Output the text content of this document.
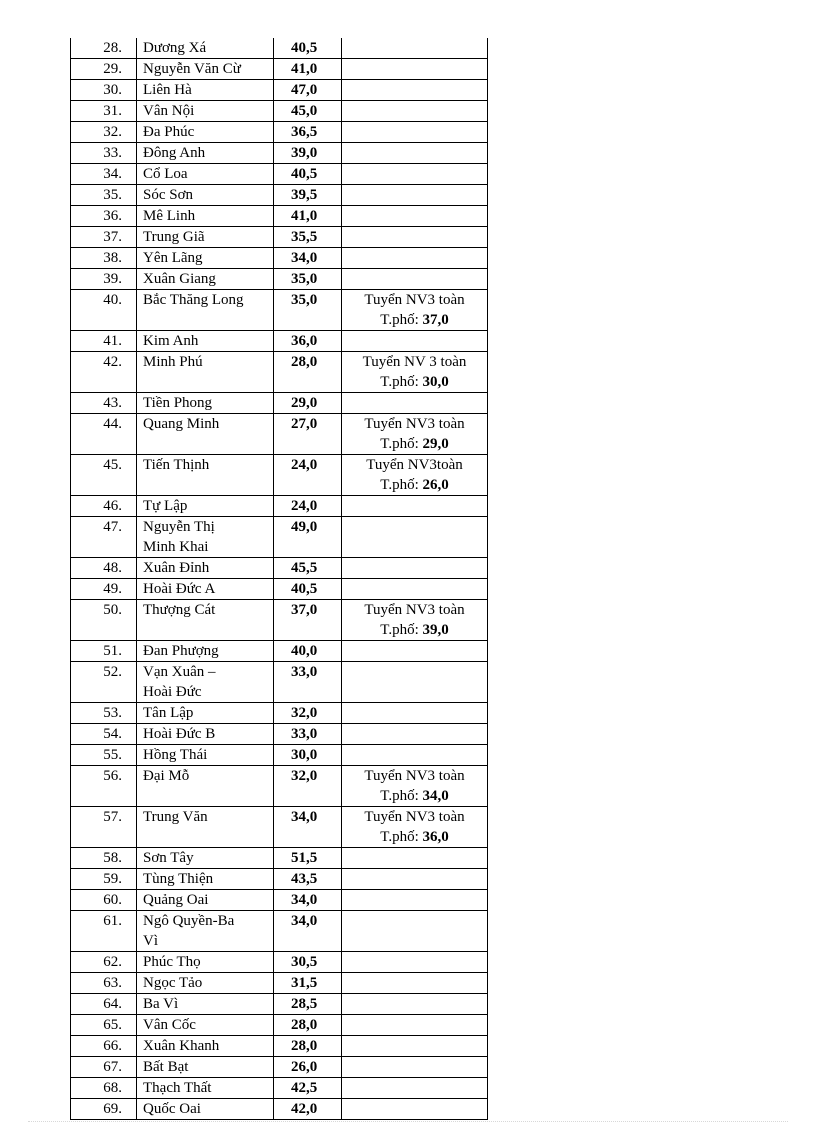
28.	Dương Xá	40,5	
29.	Nguyễn Văn Cừ	41,0	
30.	Liên Hà	47,0	
31.	Vân Nội	45,0	
32.	Đa Phúc	36,5	
33.	Đông Anh	39,0	
34.	Cổ Loa	40,5	
35.	Sóc Sơn	39,5	
36.	Mê Linh	41,0	
37.	Trung Giã	35,5	
38.	Yên Lãng	34,0	
39.	Xuân Giang	35,0	
40.	Bắc Thăng Long	35,0	Tuyển NV3 toàn
T.phố: 37,0

41.	Kim Anh	36,0	
42.	Minh Phú	28,0	Tuyển NV 3 toàn
T.phố: 30,0

43.	Tiền Phong	29,0	
44.	Quang Minh	27,0	Tuyển NV3 toàn
T.phố: 29,0

45.	Tiến Thịnh	24,0	Tuyển NV3toàn
T.phố: 26,0

46.	Tự Lập	24,0	
47.	Nguyễn Thị
Minh Khai	49,0	
48.	Xuân Đỉnh	45,5	
49.	Hoài Đức A	40,5	
50.	Thượng Cát	37,0	Tuyển NV3 toàn
T.phố: 39,0

51.	Đan Phượng	40,0	
52.	Vạn Xuân –
Hoài Đức	33,0	
53.	Tân Lập	32,0	
54.	Hoài Đức B	33,0	
55.	Hồng Thái	30,0	
56.	Đại Mỗ	32,0	Tuyển NV3 toàn
T.phố: 34,0

57.	Trung Văn	34,0	Tuyển NV3 toàn
T.phố: 36,0

58.	Sơn Tây	51,5	
59.	Tùng Thiện	43,5	
60.	Quảng Oai	34,0	
61.	Ngô Quyền-Ba
Vì	34,0	
62.	Phúc Thọ	30,5	
63.	Ngọc Tảo	31,5	
64.	Ba Vì	28,5	
65.	Vân Cốc	28,0	
66.	Xuân Khanh	28,0	
67.	Bất Bạt	26,0	
68.	Thạch Thất	42,5	
69.	Quốc Oai	42,0	
